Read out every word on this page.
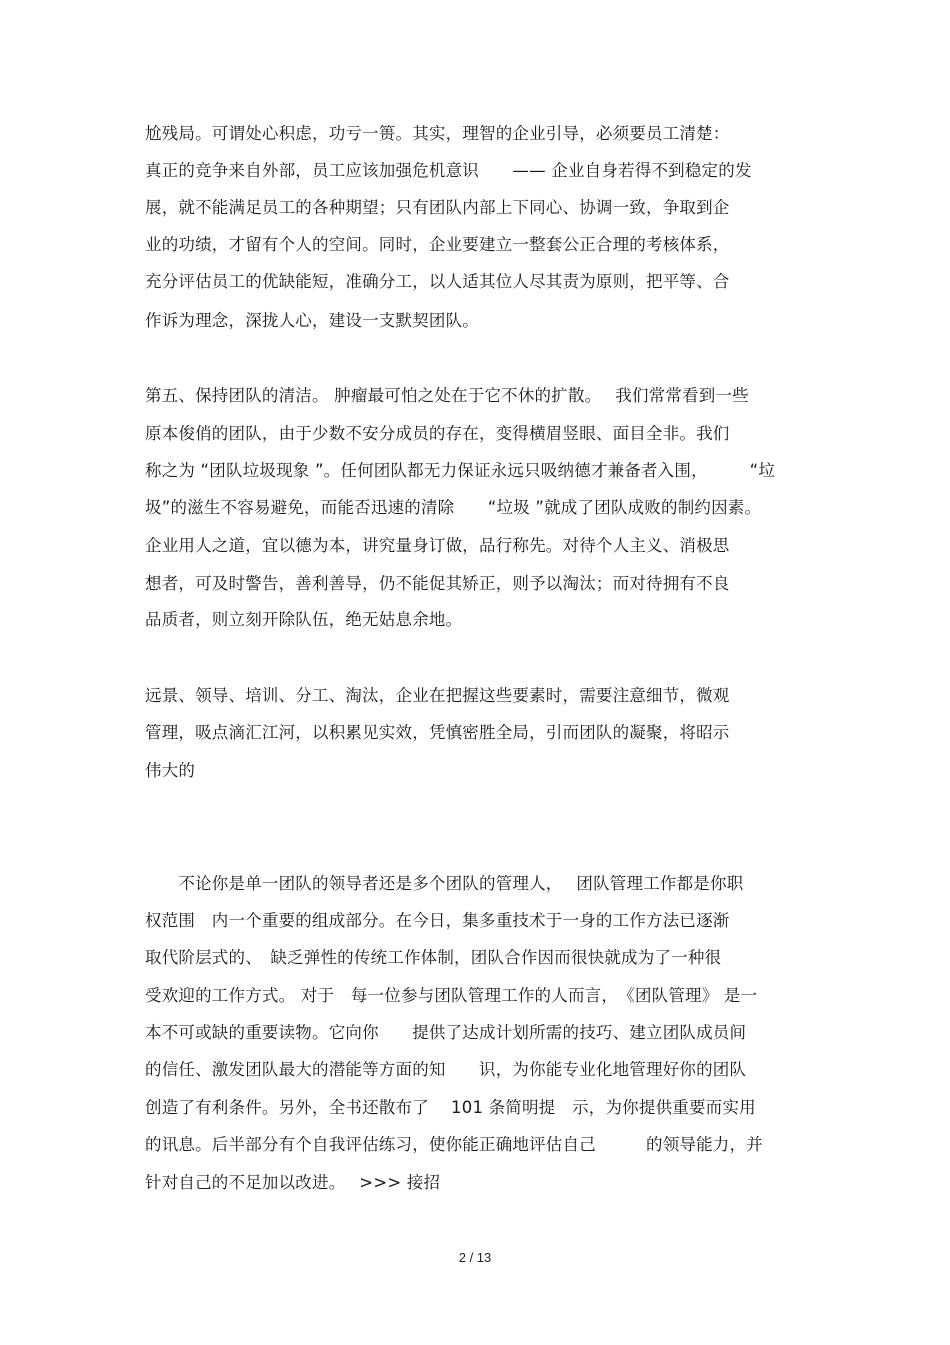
尬残局。可谓处心积虑，功亏一篑。其实，理智的企业引导，必须要员工清楚：
真正的竞争来自外部，员工应该加强危机意识　　—— 企业自身若得不到稳定的发
展，就不能满足员工的各种期望；只有团队内部上下同心、协调一致，争取到企
业的功绩，才留有个人的空间。同时，企业要建立一整套公正合理的考核体系，
充分评估员工的优缺能短，准确分工，以人适其位人尽其责为原则，把平等、合
作诉为理念，深拢人心，建设一支默契团队。
第五、保持团队的清洁。 肿瘤最可怕之处在于它不休的扩散。　 我们常常看到一些
原本俊俏的团队，由于少数不安分成员的存在，变得横眉竖眼、面目全非。我们
称之为 “团队垃圾现象 ”。任何团队都无力保证永远只吸纳德才兼备者入围，　　　“垃
圾”的滋生不容易避免，而能否迅速的清除　　“垃圾 ”就成了团队成败的制约因素。
企业用人之道，宜以德为本，讲究量身订做，品行称先。对待个人主义、消极思
想者，可及时警告，善利善导，仍不能促其矫正，则予以淘汰；而对待拥有不良
品质者，则立刻开除队伍，绝无姑息余地。
远景、领导、培训、分工、淘汰，企业在把握这些要素时，需要注意细节，微观
管理，吸点滴汇江河，以积累见实效，凭慎密胜全局，引而团队的凝聚，将昭示
伟大的
　　不论你是单一团队的领导者还是多个团队的管理人，　 团队管理工作都是你职
权范围　内一个重要的组成部分。在今日，集多重技术于一身的工作方法已逐渐
取代阶层式的、　缺乏弹性的传统工作体制，团队合作因而很快就成为了一种很
受欢迎的工作方式。 对于　每一位参与团队管理工作的人而言，　《团队管理》 是一
本不可或缺的重要读物。它向你　　提供了达成计划所需的技巧、建立团队成员间
的信任、激发团队最大的潜能等方面的知　　识，为你能专业化地管理好你的团队
创造了有利条件。另外，全书还散布了　 101 条简明提　示，为你提供重要而实用
的讯息。后半部分有个自我评估练习，使你能正确地评估自己　　　的领导能力，并
针对自己的不足加以改进。　 >>> 接招
2 / 13
